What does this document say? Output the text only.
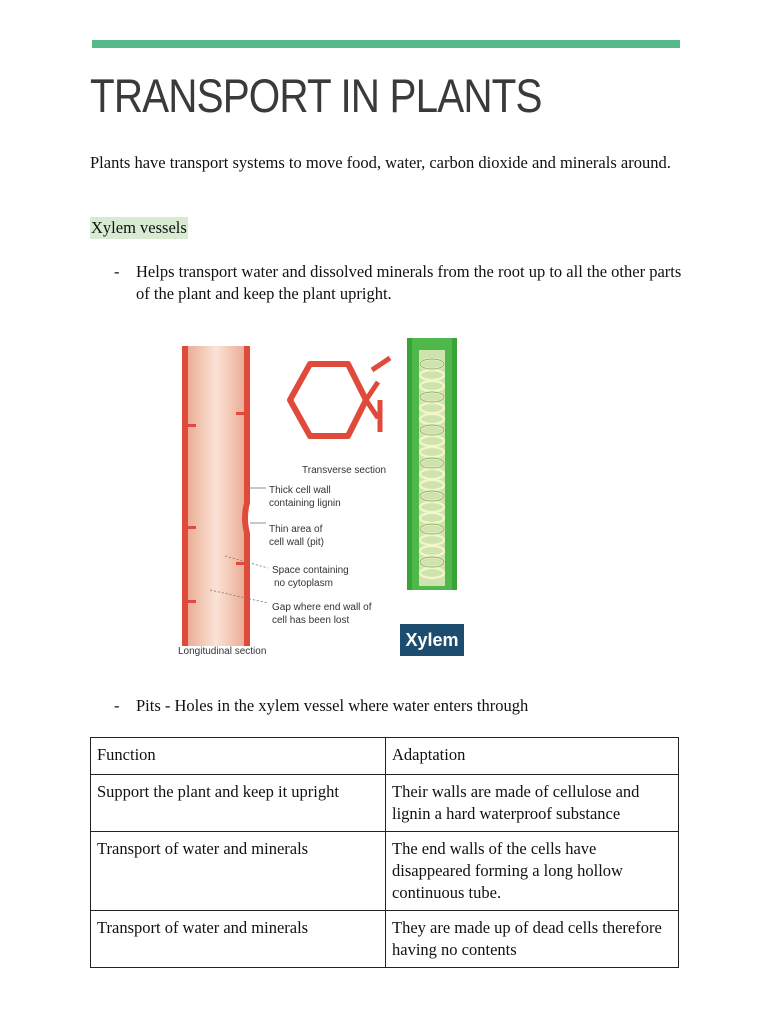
TRANSPORT IN PLANTS
Plants have transport systems to move food, water, carbon dioxide and minerals around.
Xylem vessels
- Helps transport water and dissolved minerals from the root up to all the other parts of the plant and keep the plant upright.
Transverse section
Thick cell wall
containing lignin
Thin area of
cell wall (pit)
Space containing
no cytoplasm
Gap where end wall of
cell has been lost
Longitudinal section
Xylem
- Pits - Holes in the xylem vessel where water enters through
Function	Adaptation
Support the plant and keep it upright	Their walls are made of cellulose and lignin a hard waterproof substance
Transport of water and minerals	The end walls of the cells have disappeared forming a long hollow continuous tube.
Transport of water and minerals	They are made up of dead cells therefore having no contents
